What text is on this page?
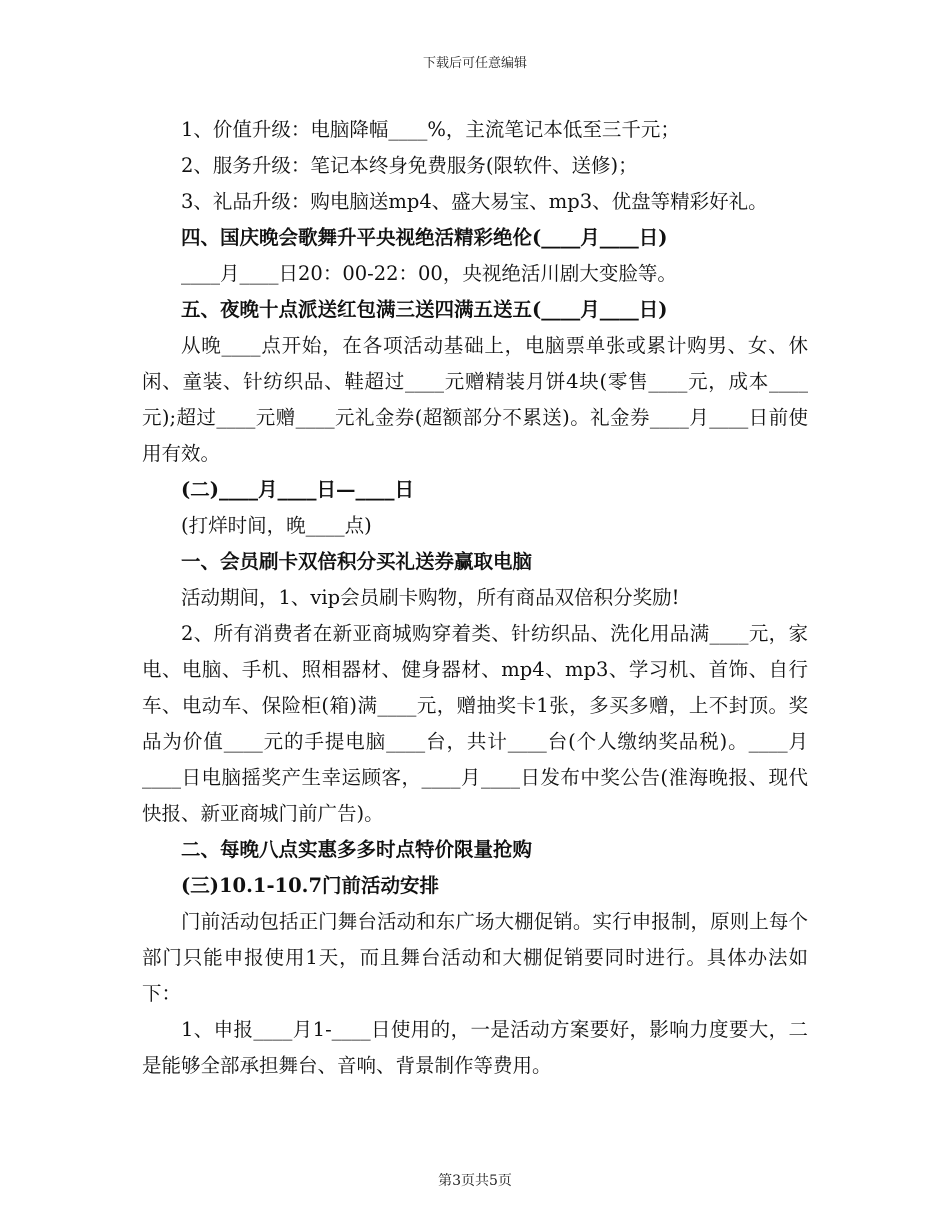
下载后可任意编辑

1、价值升级：电脑降幅____%，主流笔记本低至三千元；

2、服务升级：笔记本终身免费服务(限软件、送修)；

3、礼品升级：购电脑送mp4、盛大易宝、mp3、优盘等精彩好礼。

四、国庆晚会歌舞升平央视绝活精彩绝伦(____月____日)

____月____日20：00-22：00，央视绝活川剧大变脸等。

五、夜晚十点派送红包满三送四满五送五(____月____日)

从晚____点开始，在各项活动基础上，电脑票单张或累计购男、女、休闲、童装、针纺织品、鞋超过____元赠精装月饼4块(零售____元，成本____元);超过____元赠____元礼金券(超额部分不累送)。礼金券____月____日前使用有效。

(二)____月____日—____日

(打烊时间，晚____点)

一、会员刷卡双倍积分买礼送券赢取电脑

活动期间，1、vip会员刷卡购物，所有商品双倍积分奖励!

2、所有消费者在新亚商城购穿着类、针纺织品、洗化用品满____元，家电、电脑、手机、照相器材、健身器材、mp4、mp3、学习机、首饰、自行车、电动车、保险柜(箱)满____元，赠抽奖卡1张，多买多赠，上不封顶。奖品为价值____元的手提电脑____台，共计____台(个人缴纳奖品税)。____月____日电脑摇奖产生幸运顾客，____月____日发布中奖公告(淮海晚报、现代快报、新亚商城门前广告)。

二、每晚八点实惠多多时点特价限量抢购

(三)10.1-10.7门前活动安排

门前活动包括正门舞台活动和东广场大棚促销。实行申报制，原则上每个部门只能申报使用1天，而且舞台活动和大棚促销要同时进行。具体办法如下：

1、申报____月1-____日使用的，一是活动方案要好，影响力度要大，二是能够全部承担舞台、音响、背景制作等费用。

第3页共5页
